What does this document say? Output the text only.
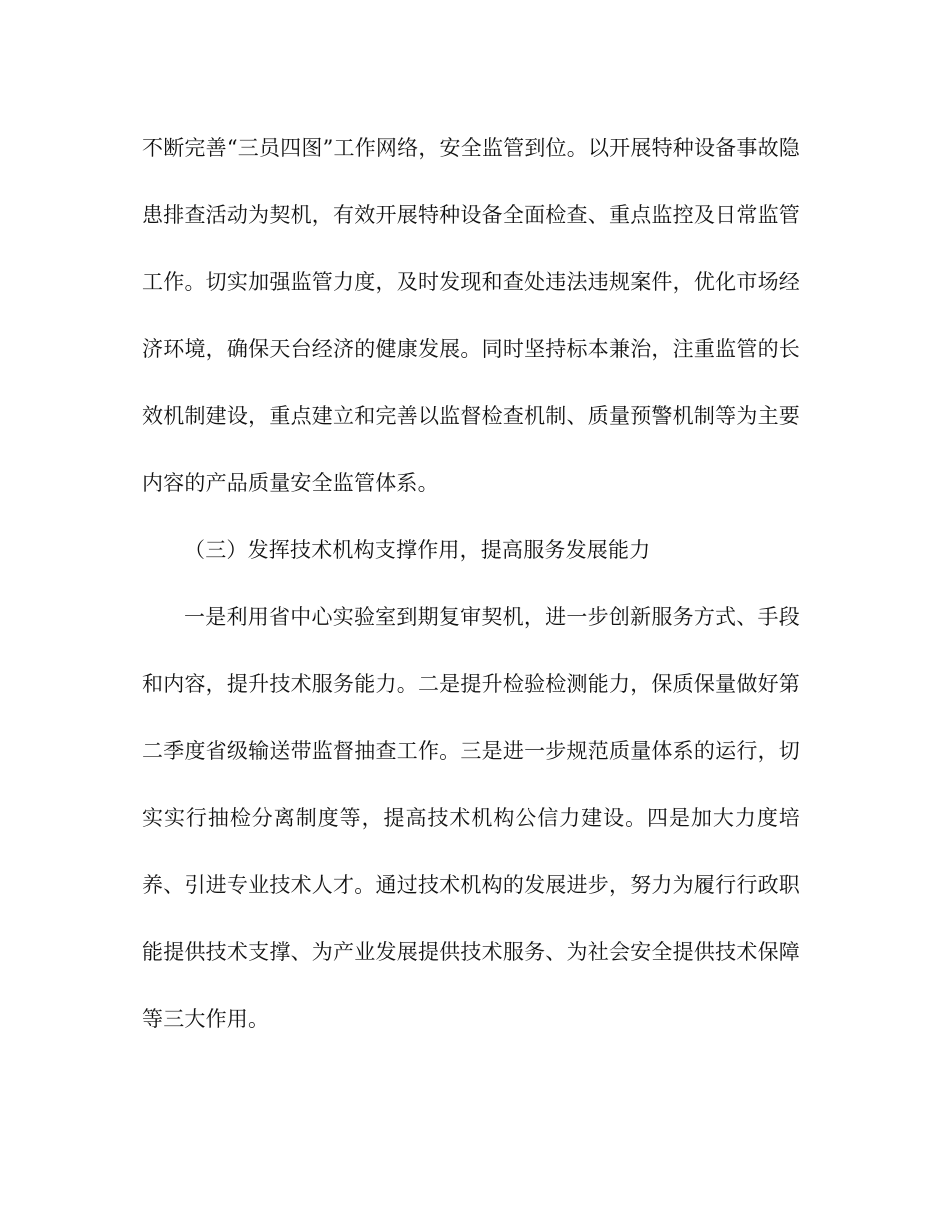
不断完善“三员四图”工作网络，安全监管到位。以开展特种设备事故隐患排查活动为契机，有效开展特种设备全面检查、重点监控及日常监管工作。切实加强监管力度，及时发现和查处违法违规案件，优化市场经济环境，确保天台经济的健康发展。同时坚持标本兼治，注重监管的长效机制建设，重点建立和完善以监督检查机制、质量预警机制等为主要内容的产品质量安全监管体系。

（三）发挥技术机构支撑作用，提高服务发展能力

一是利用省中心实验室到期复审契机，进一步创新服务方式、手段和内容，提升技术服务能力。二是提升检验检测能力，保质保量做好第二季度省级输送带监督抽查工作。三是进一步规范质量体系的运行，切实实行抽检分离制度等，提高技术机构公信力建设。四是加大力度培养、引进专业技术人才。通过技术机构的发展进步，努力为履行行政职能提供技术支撑、为产业发展提供技术服务、为社会安全提供技术保障等三大作用。
